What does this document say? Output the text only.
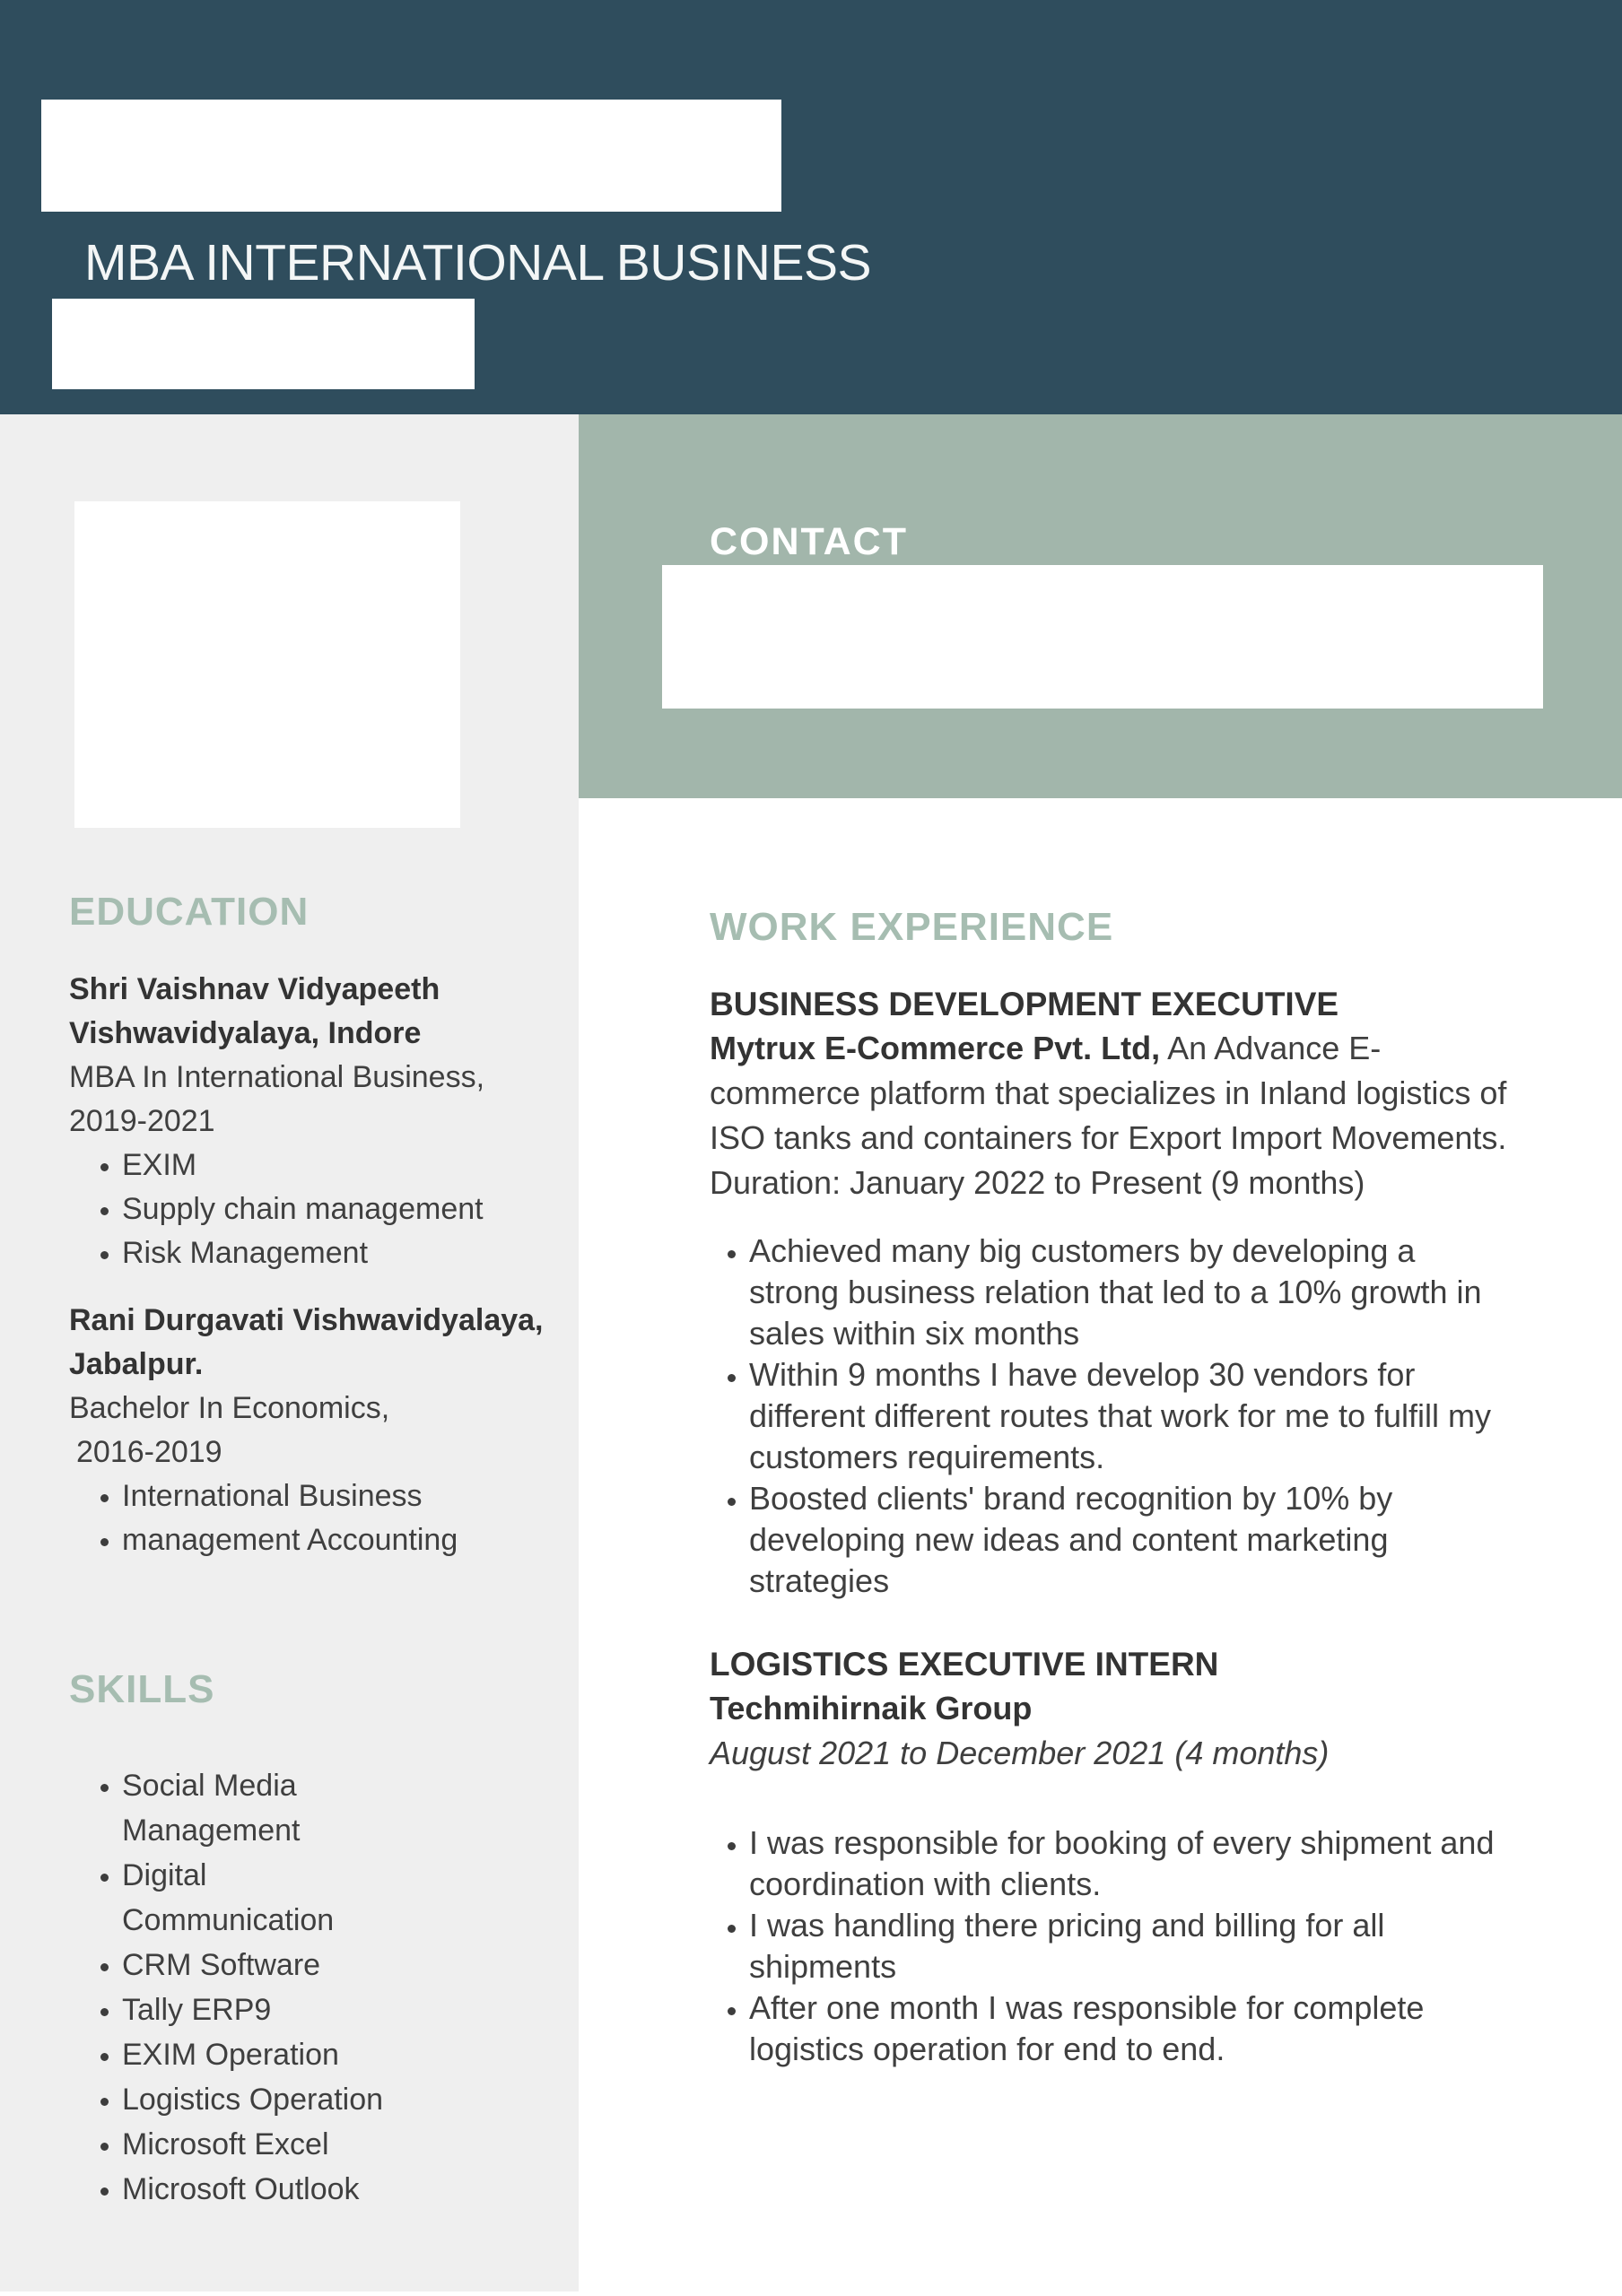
MBA INTERNATIONAL BUSINESS
EDUCATION
Shri Vaishnav Vidyapeeth Vishwavidyalaya, Indore
MBA In International Business,
2019-2021
• EXIM
• Supply chain management
• Risk Management
Rani Durgavati Vishwavidyalaya, Jabalpur.
Bachelor In Economics,
2016-2019
• International Business
• management Accounting
SKILLS
• Social Media Management
• Digital Communication
• CRM Software
• Tally ERP9
• EXIM Operation
• Logistics Operation
• Microsoft Excel
• Microsoft Outlook
CONTACT
WORK EXPERIENCE
BUSINESS DEVELOPMENT EXECUTIVE
Mytrux E-Commerce Pvt. Ltd, An Advance E-commerce platform that specializes in Inland logistics of ISO tanks and containers for Export Import Movements.
Duration: January 2022 to Present (9 months)
• Achieved many big customers by developing a strong business relation that led to a 10% growth in sales within six months
• Within 9 months I have develop 30 vendors for different different routes that work for me to fulfill my customers requirements.
• Boosted clients' brand recognition by 10% by developing new ideas and content marketing strategies
LOGISTICS EXECUTIVE INTERN
Techmihirnaik Group
August 2021 to December 2021 (4 months)
• I was responsible for booking of every shipment and coordination with clients.
• I was handling there pricing and billing for all shipments
• After one month I was responsible for complete logistics operation for end to end.
